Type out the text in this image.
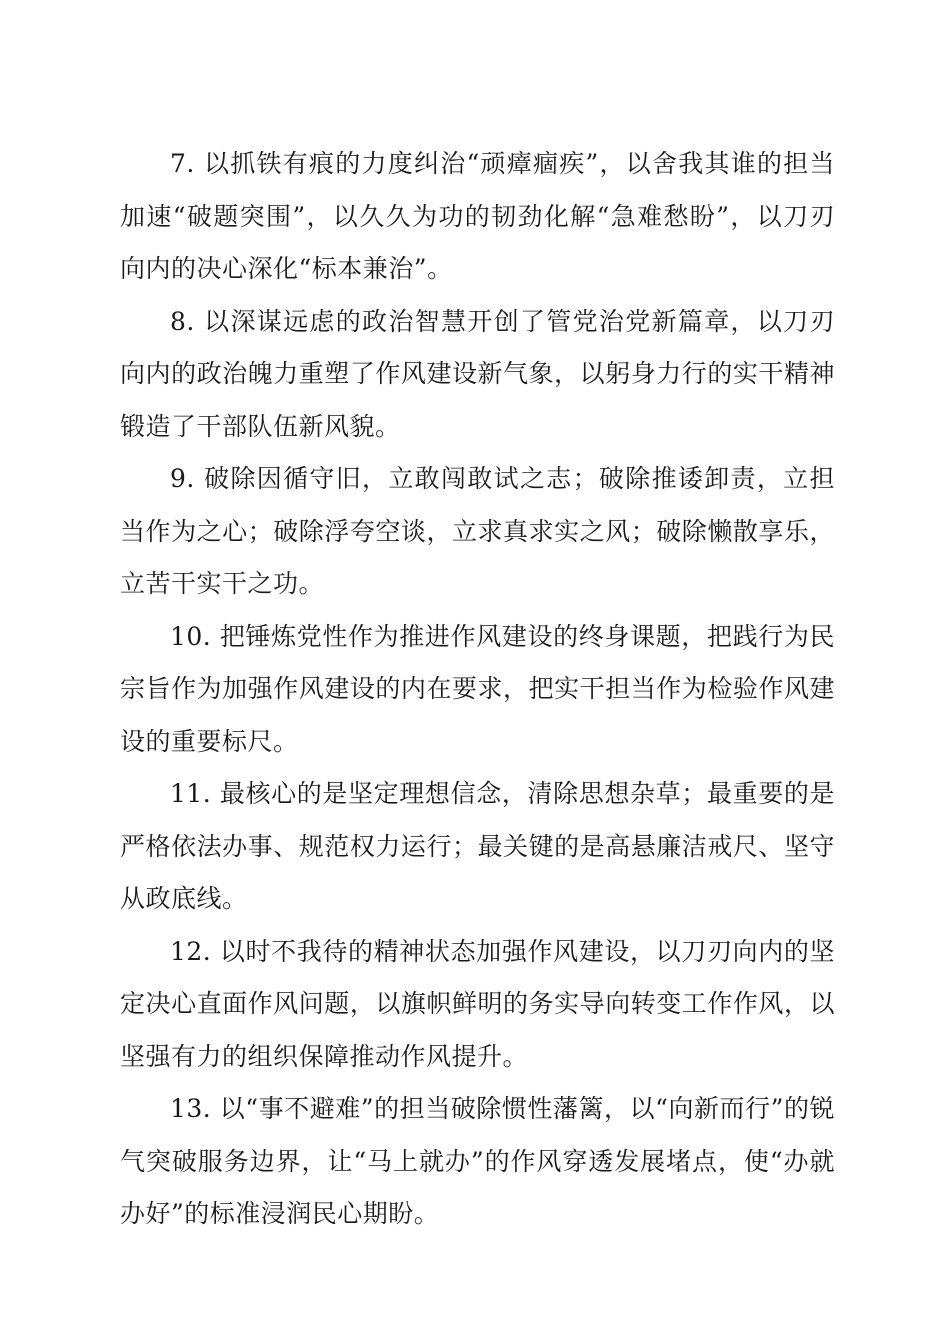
7. 以抓铁有痕的力度纠治“顽瘴痼疾”，以舍我其谁的担当加速“破题突围”，以久久为功的韧劲化解“急难愁盼”，以刀刃向内的决心深化“标本兼治”。

8. 以深谋远虑的政治智慧开创了管党治党新篇章，以刀刃向内的政治魄力重塑了作风建设新气象，以躬身力行的实干精神锻造了干部队伍新风貌。

9. 破除因循守旧，立敢闯敢试之志；破除推诿卸责，立担当作为之心；破除浮夸空谈，立求真求实之风；破除懒散享乐，立苦干实干之功。

10. 把锤炼党性作为推进作风建设的终身课题，把践行为民宗旨作为加强作风建设的内在要求，把实干担当作为检验作风建设的重要标尺。

11. 最核心的是坚定理想信念，清除思想杂草；最重要的是严格依法办事、规范权力运行；最关键的是高悬廉洁戒尺、坚守从政底线。

12. 以时不我待的精神状态加强作风建设，以刀刃向内的坚定决心直面作风问题，以旗帜鲜明的务实导向转变工作作风，以坚强有力的组织保障推动作风提升。

13. 以“事不避难”的担当破除惯性藩篱，以“向新而行”的锐气突破服务边界，让“马上就办”的作风穿透发展堵点，使“办就办好”的标准浸润民心期盼。
